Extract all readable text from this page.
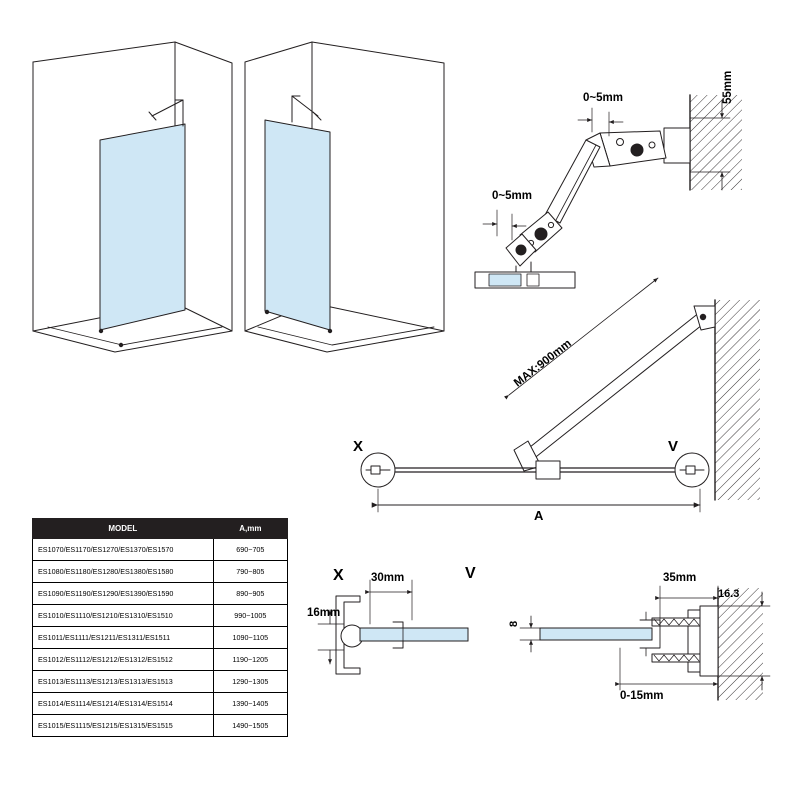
0~5mm
0~5mm
55mm
MAX:900mm
A
X	V
X 30mm
16mm
V	35mm
16.3
8
0-15mm
MODEL	A,mm
ES1070/ES1170/ES1270/ES1370/ES1570	690~705
ES1080/ES1180/ES1280/ES1380/ES1580	790~805
ES1090/ES1190/ES1290/ES1390/ES1590	890~905
ES1010/ES1110/ES1210/ES1310/ES1510	990~1005
ES1011/ES1111/ES1211/ES1311/ES1511	1090~1105
ES1012/ES1112/ES1212/ES1312/ES1512	1190~1205
ES1013/ES1113/ES1213/ES1313/ES1513	1290~1305
ES1014/ES1114/ES1214/ES1314/ES1514	1390~1405
ES1015/ES1115/ES1215/ES1315/ES1515	1490~1505
